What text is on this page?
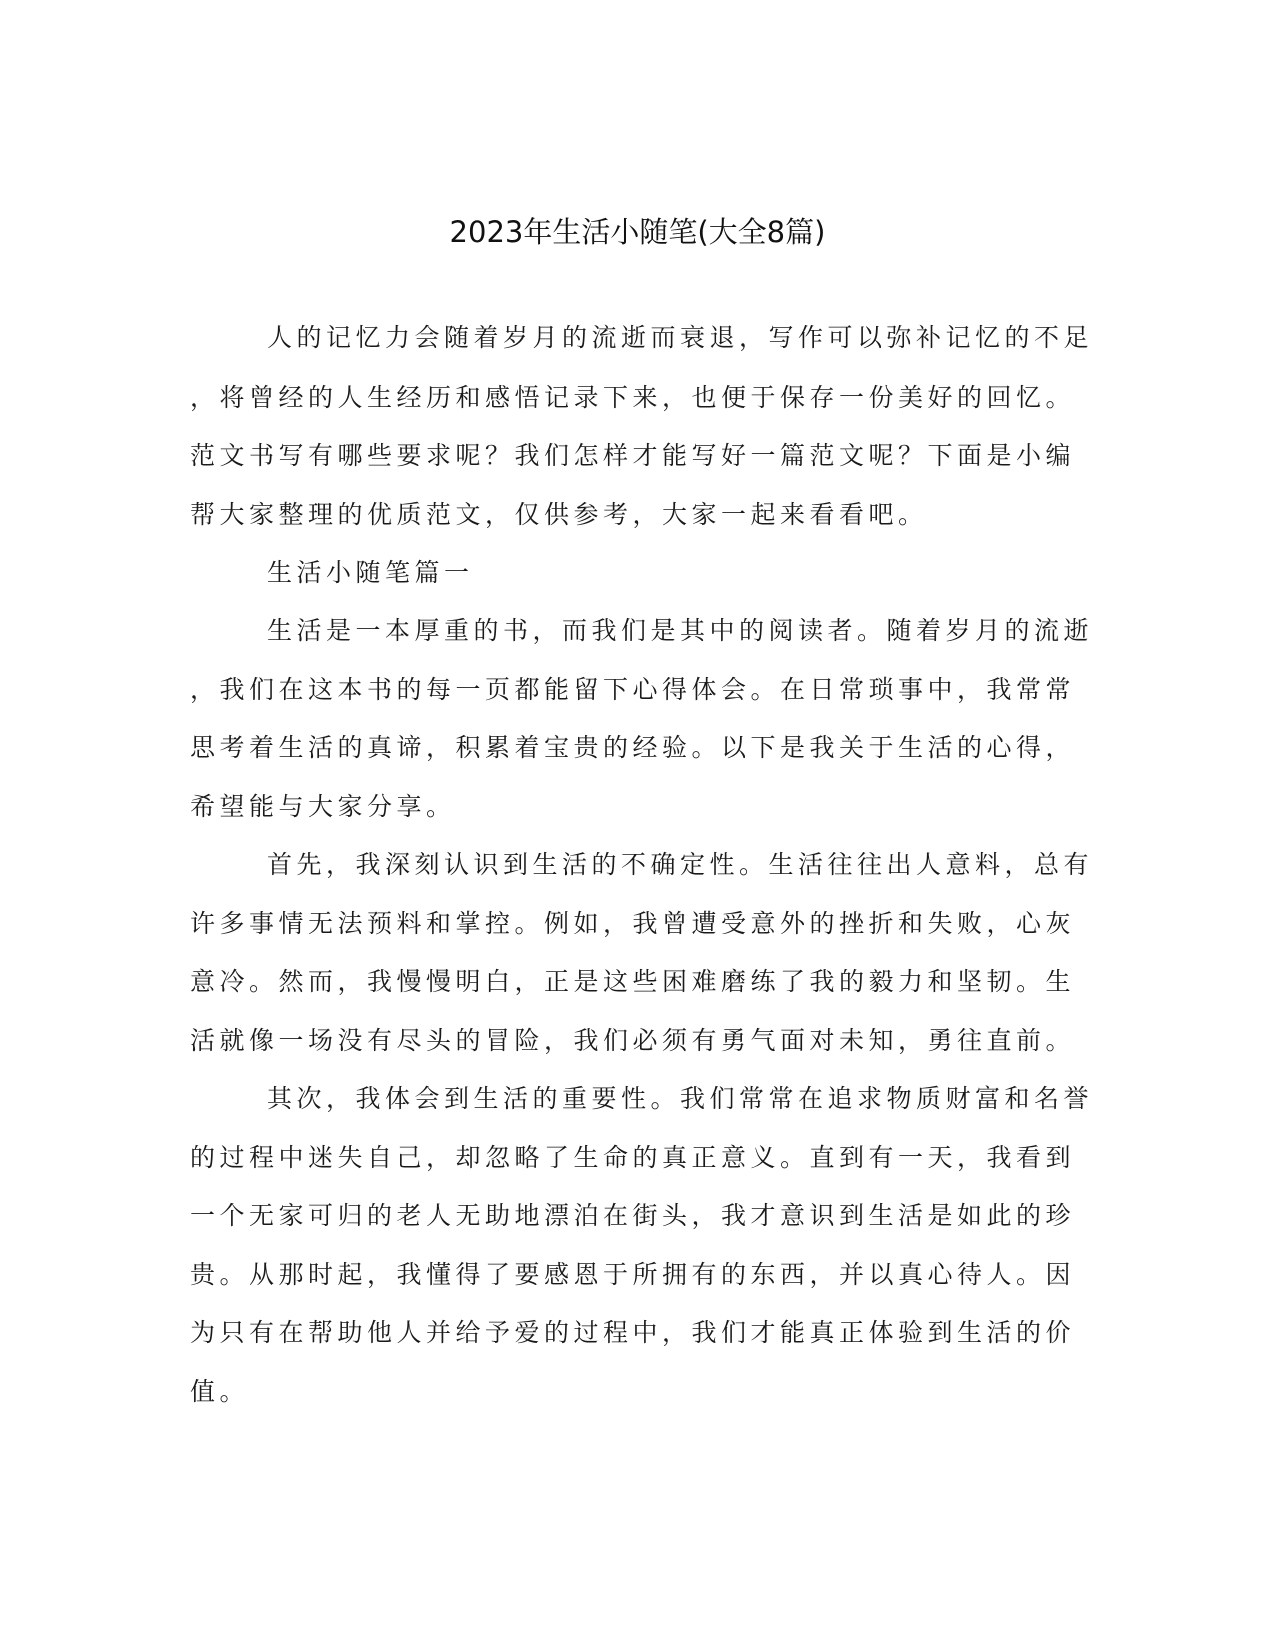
2023年生活小随笔(大全8篇)

人的记忆力会随着岁月的流逝而衰退，写作可以弥补记忆的不足

，将曾经的人生经历和感悟记录下来，也便于保存一份美好的回忆。

范文书写有哪些要求呢？我们怎样才能写好一篇范文呢？下面是小编

帮大家整理的优质范文，仅供参考，大家一起来看看吧。

生活小随笔篇一

生活是一本厚重的书，而我们是其中的阅读者。随着岁月的流逝

，我们在这本书的每一页都能留下心得体会。在日常琐事中，我常常

思考着生活的真谛，积累着宝贵的经验。以下是我关于生活的心得，

希望能与大家分享。

首先，我深刻认识到生活的不确定性。生活往往出人意料，总有

许多事情无法预料和掌控。例如，我曾遭受意外的挫折和失败，心灰

意冷。然而，我慢慢明白，正是这些困难磨练了我的毅力和坚韧。生

活就像一场没有尽头的冒险，我们必须有勇气面对未知，勇往直前。

其次，我体会到生活的重要性。我们常常在追求物质财富和名誉

的过程中迷失自己，却忽略了生命的真正意义。直到有一天，我看到

一个无家可归的老人无助地漂泊在街头，我才意识到生活是如此的珍

贵。从那时起，我懂得了要感恩于所拥有的东西，并以真心待人。因

为只有在帮助他人并给予爱的过程中，我们才能真正体验到生活的价

值。
